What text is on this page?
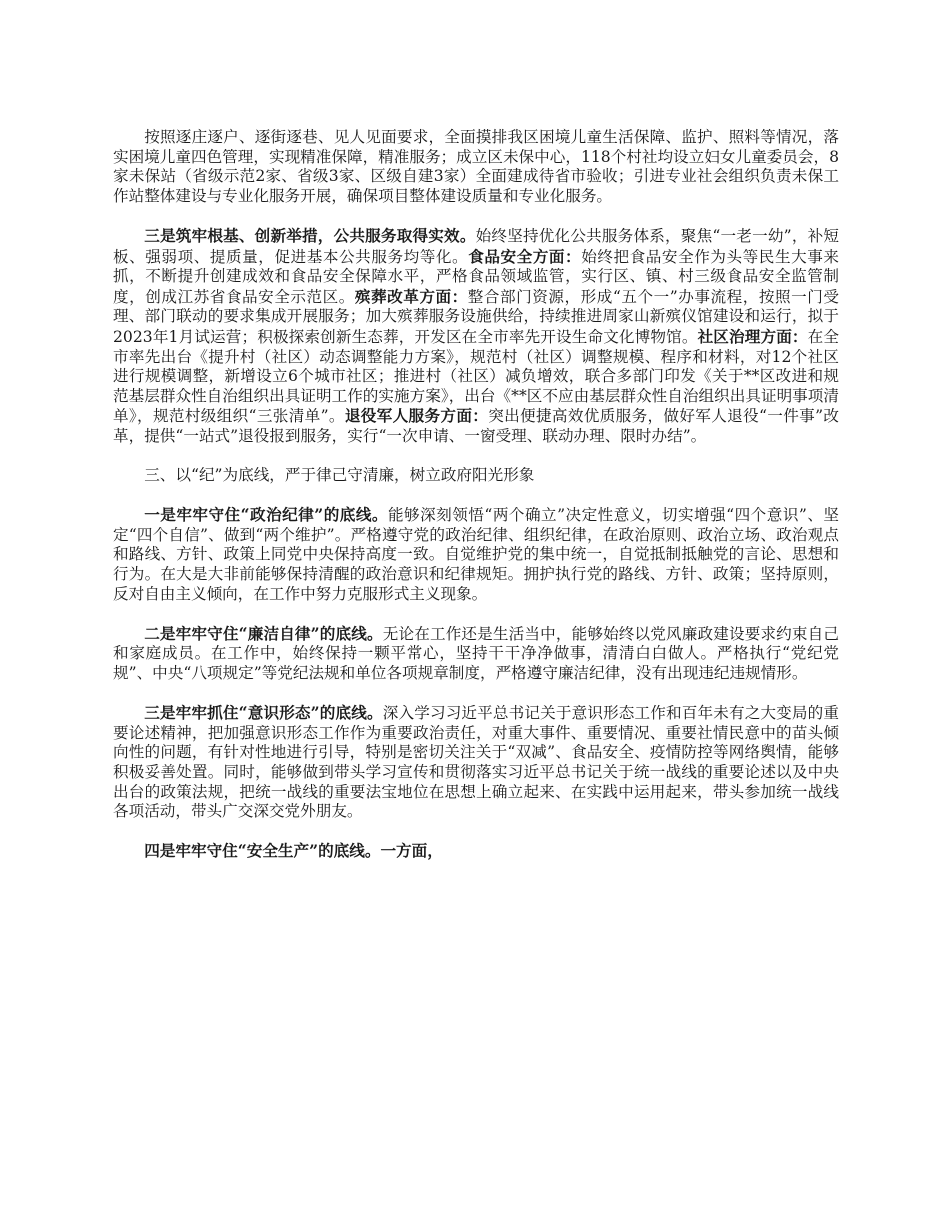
按照逐庄逐户、逐街逐巷、见人见面要求，全面摸排我区困境儿童生活保障、监护、照料等情况，落实困境儿童四色管理，实现精准保障，精准服务；成立区未保中心，118个村社均设立妇女儿童委员会，8家未保站（省级示范2家、省级3家、区级自建3家）全面建成待省市验收；引进专业社会组织负责未保工作站整体建设与专业化服务开展，确保项目整体建设质量和专业化服务。

三是筑牢根基、创新举措，公共服务取得实效。始终坚持优化公共服务体系，聚焦“一老一幼”，补短板、强弱项、提质量，促进基本公共服务均等化。食品安全方面：始终把食品安全作为头等民生大事来抓，不断提升创建成效和食品安全保障水平，严格食品领域监管，实行区、镇、村三级食品安全监管制度，创成江苏省食品安全示范区。殡葬改革方面：整合部门资源，形成“五个一”办事流程，按照一门受理、部门联动的要求集成开展服务；加大殡葬服务设施供给，持续推进周家山新殡仪馆建设和运行，拟于2023年1月试运营；积极探索创新生态葬，开发区在全市率先开设生命文化博物馆。社区治理方面：在全市率先出台《提升村（社区）动态调整能力方案》，规范村（社区）调整规模、程序和材料，对12个社区进行规模调整，新增设立6个城市社区；推进村（社区）减负增效，联合多部门印发《关于**区改进和规范基层群众性自治组织出具证明工作的实施方案》，出台《**区不应由基层群众性自治组织出具证明事项清单》，规范村级组织“三张清单”。退役军人服务方面：突出便捷高效优质服务，做好军人退役“一件事”改革，提供“一站式”退役报到服务，实行“一次申请、一窗受理、联动办理、限时办结”。

三、以“纪”为底线，严于律己守清廉，树立政府阳光形象

一是牢牢守住“政治纪律”的底线。能够深刻领悟“两个确立”决定性意义，切实增强“四个意识”、坚定“四个自信”、做到“两个维护”。严格遵守党的政治纪律、组织纪律，在政治原则、政治立场、政治观点和路线、方针、政策上同党中央保持高度一致。自觉维护党的集中统一，自觉抵制抵触党的言论、思想和行为。在大是大非前能够保持清醒的政治意识和纪律规矩。拥护执行党的路线、方针、政策；坚持原则，反对自由主义倾向，在工作中努力克服形式主义现象。

二是牢牢守住“廉洁自律”的底线。无论在工作还是生活当中，能够始终以党风廉政建设要求约束自己和家庭成员。在工作中，始终保持一颗平常心，坚持干干净净做事，清清白白做人。严格执行“党纪党规”、中央“八项规定”等党纪法规和单位各项规章制度，严格遵守廉洁纪律，没有出现违纪违规情形。

三是牢牢抓住“意识形态”的底线。深入学习习近平总书记关于意识形态工作和百年未有之大变局的重要论述精神，把加强意识形态工作作为重要政治责任，对重大事件、重要情况、重要社情民意中的苗头倾向性的问题，有针对性地进行引导，特别是密切关注关于“双减”、食品安全、疫情防控等网络舆情，能够积极妥善处置。同时，能够做到带头学习宣传和贯彻落实习近平总书记关于统一战线的重要论述以及中央出台的政策法规，把统一战线的重要法宝地位在思想上确立起来、在实践中运用起来，带头参加统一战线各项活动，带头广交深交党外朋友。

四是牢牢守住“安全生产”的底线。一方面，
